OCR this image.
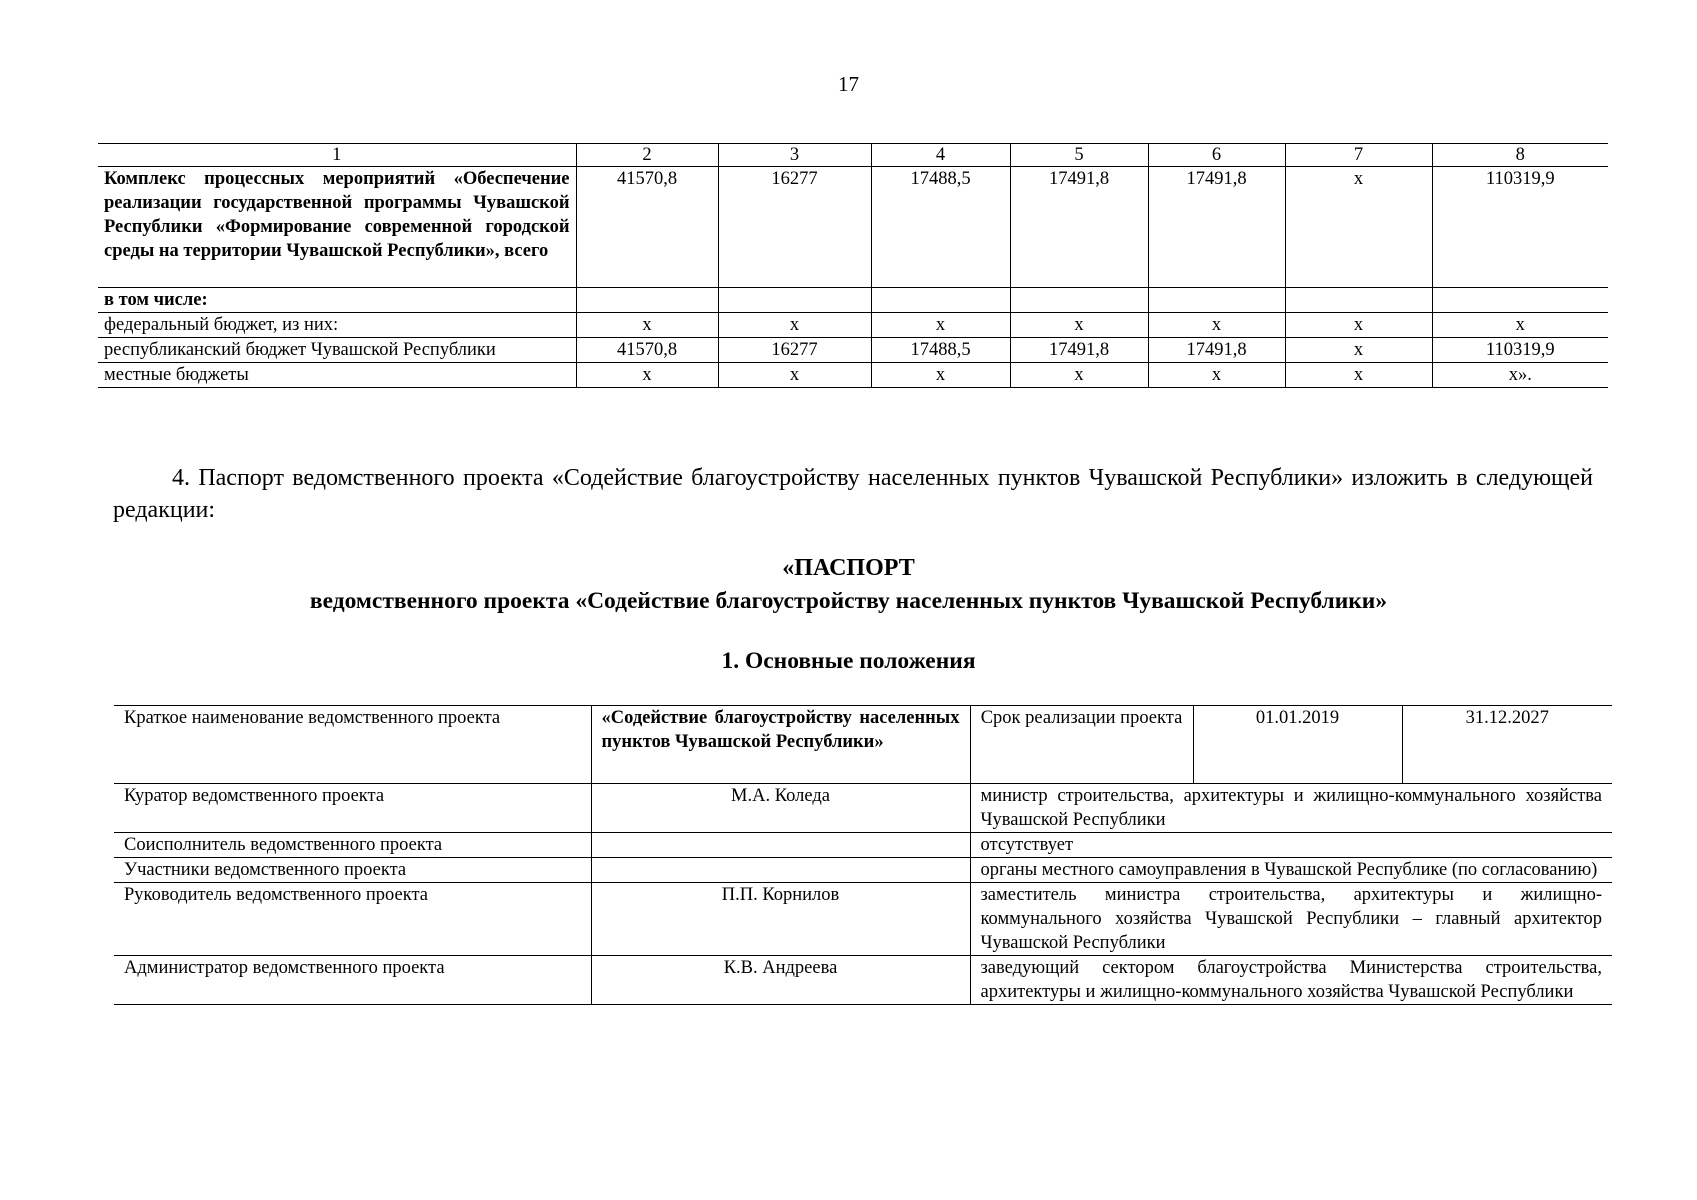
17
1	2	3	4	5	6	7	8
Комплекс процессных мероприятий «Обеспечение реализации государственной программы Чувашской Республики «Формирование современной городской среды на территории Чувашской Республики», всего	41570,8	16277	17488,5	17491,8	17491,8	x	110319,9
в том числе:							
федеральный бюджет, из них:	x	x	x	x	x	x	x
республиканский бюджет Чувашской Республики	41570,8	16277	17488,5	17491,8	17491,8	x	110319,9
местные бюджеты	x	x	x	x	x	x	x».

4. Паспорт ведомственного проекта «Содействие благоустройству населенных пунктов Чувашской Республики» изложить в следующей редакции:

«ПАСПОРТ
ведомственного проекта «Содействие благоустройству населенных пунктов Чувашской Республики»
1. Основные положения
Краткое наименование ведомственного проекта	«Содействие благоустройству населенных пунктов Чувашской Республики»	Срок реализации проекта	01.01.2019	31.12.2027
Куратор ведомственного проекта	М.А. Коледа	министр строительства, архитектуры и жилищно-коммунального хозяйства Чувашской Республики		
Соисполнитель ведомственного проекта		отсутствует		
Участники ведомственного проекта		органы местного самоуправления в Чувашской Республике (по согласованию)		
Руководитель ведомственного проекта	П.П. Корнилов	заместитель министра строительства, архитектуры и жилищно-коммунального хозяйства Чувашской Республики – главный архитектор Чувашской Республики		
Администратор ведомственного проекта	К.В. Андреева	заведующий сектором благоустройства Министерства строительства, архитектуры и жилищно-коммунального хозяйства Чувашской Республики		
